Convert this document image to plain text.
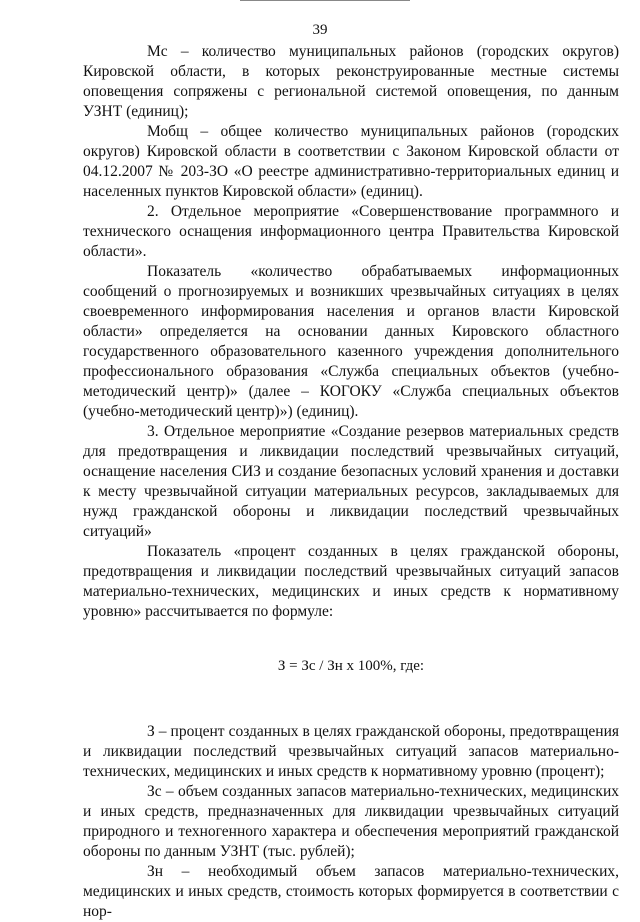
39

Мс – количество муниципальных районов (городских округов) Кировской области, в которых реконструированные местные системы оповещения сопряжены с региональной системой оповещения, по данным УЗНТ (единиц);

Мобщ – общее количество муниципальных районов (городских округов) Кировской области в соответствии с Законом Кировской области от 04.12.2007 № 203-ЗО «О реестре административно-территориальных единиц и населенных пунктов Кировской области» (единиц).

2. Отдельное мероприятие «Совершенствование программного и технического оснащения информационного центра Правительства Кировской области».

Показатель «количество обрабатываемых информационных сообщений о прогнозируемых и возникших чрезвычайных ситуациях в целях своевременного информирования населения и органов власти Кировской области» определяется на основании данных Кировского областного государственного образовательного казенного учреждения дополнительного профессионального образования «Служба специальных объектов (учебно-методический центр)» (далее – КОГОКУ «Служба специальных объектов (учебно-методический центр)») (единиц).

3. Отдельное мероприятие «Создание резервов материальных средств для предотвращения и ликвидации последствий чрезвычайных ситуаций, оснащение населения СИЗ и создание безопасных условий хранения и доставки к месту чрезвычайной ситуации материальных ресурсов, закладываемых для нужд гражданской обороны и ликвидации последствий чрезвычайных ситуаций»

Показатель «процент созданных в целях гражданской обороны, предотвращения и ликвидации последствий чрезвычайных ситуаций запасов материально-технических, медицинских и иных средств к нормативному уровню» рассчитывается по формуле:

З = Зс / Зн х 100%, где:

З – процент созданных в целях гражданской обороны, предотвращения и ликвидации последствий чрезвычайных ситуаций запасов материально-технических, медицинских и иных средств к нормативному уровню (процент);

Зс – объем созданных запасов материально-технических, медицинских и иных средств, предназначенных для ликвидации чрезвычайных ситуаций природного и техногенного характера и обеспечения мероприятий гражданской обороны по данным УЗНТ (тыс. рублей);

Зн – необходимый объем запасов материально-технических, медицинских и иных средств, стоимость которых формируется в соответствии с нор-
